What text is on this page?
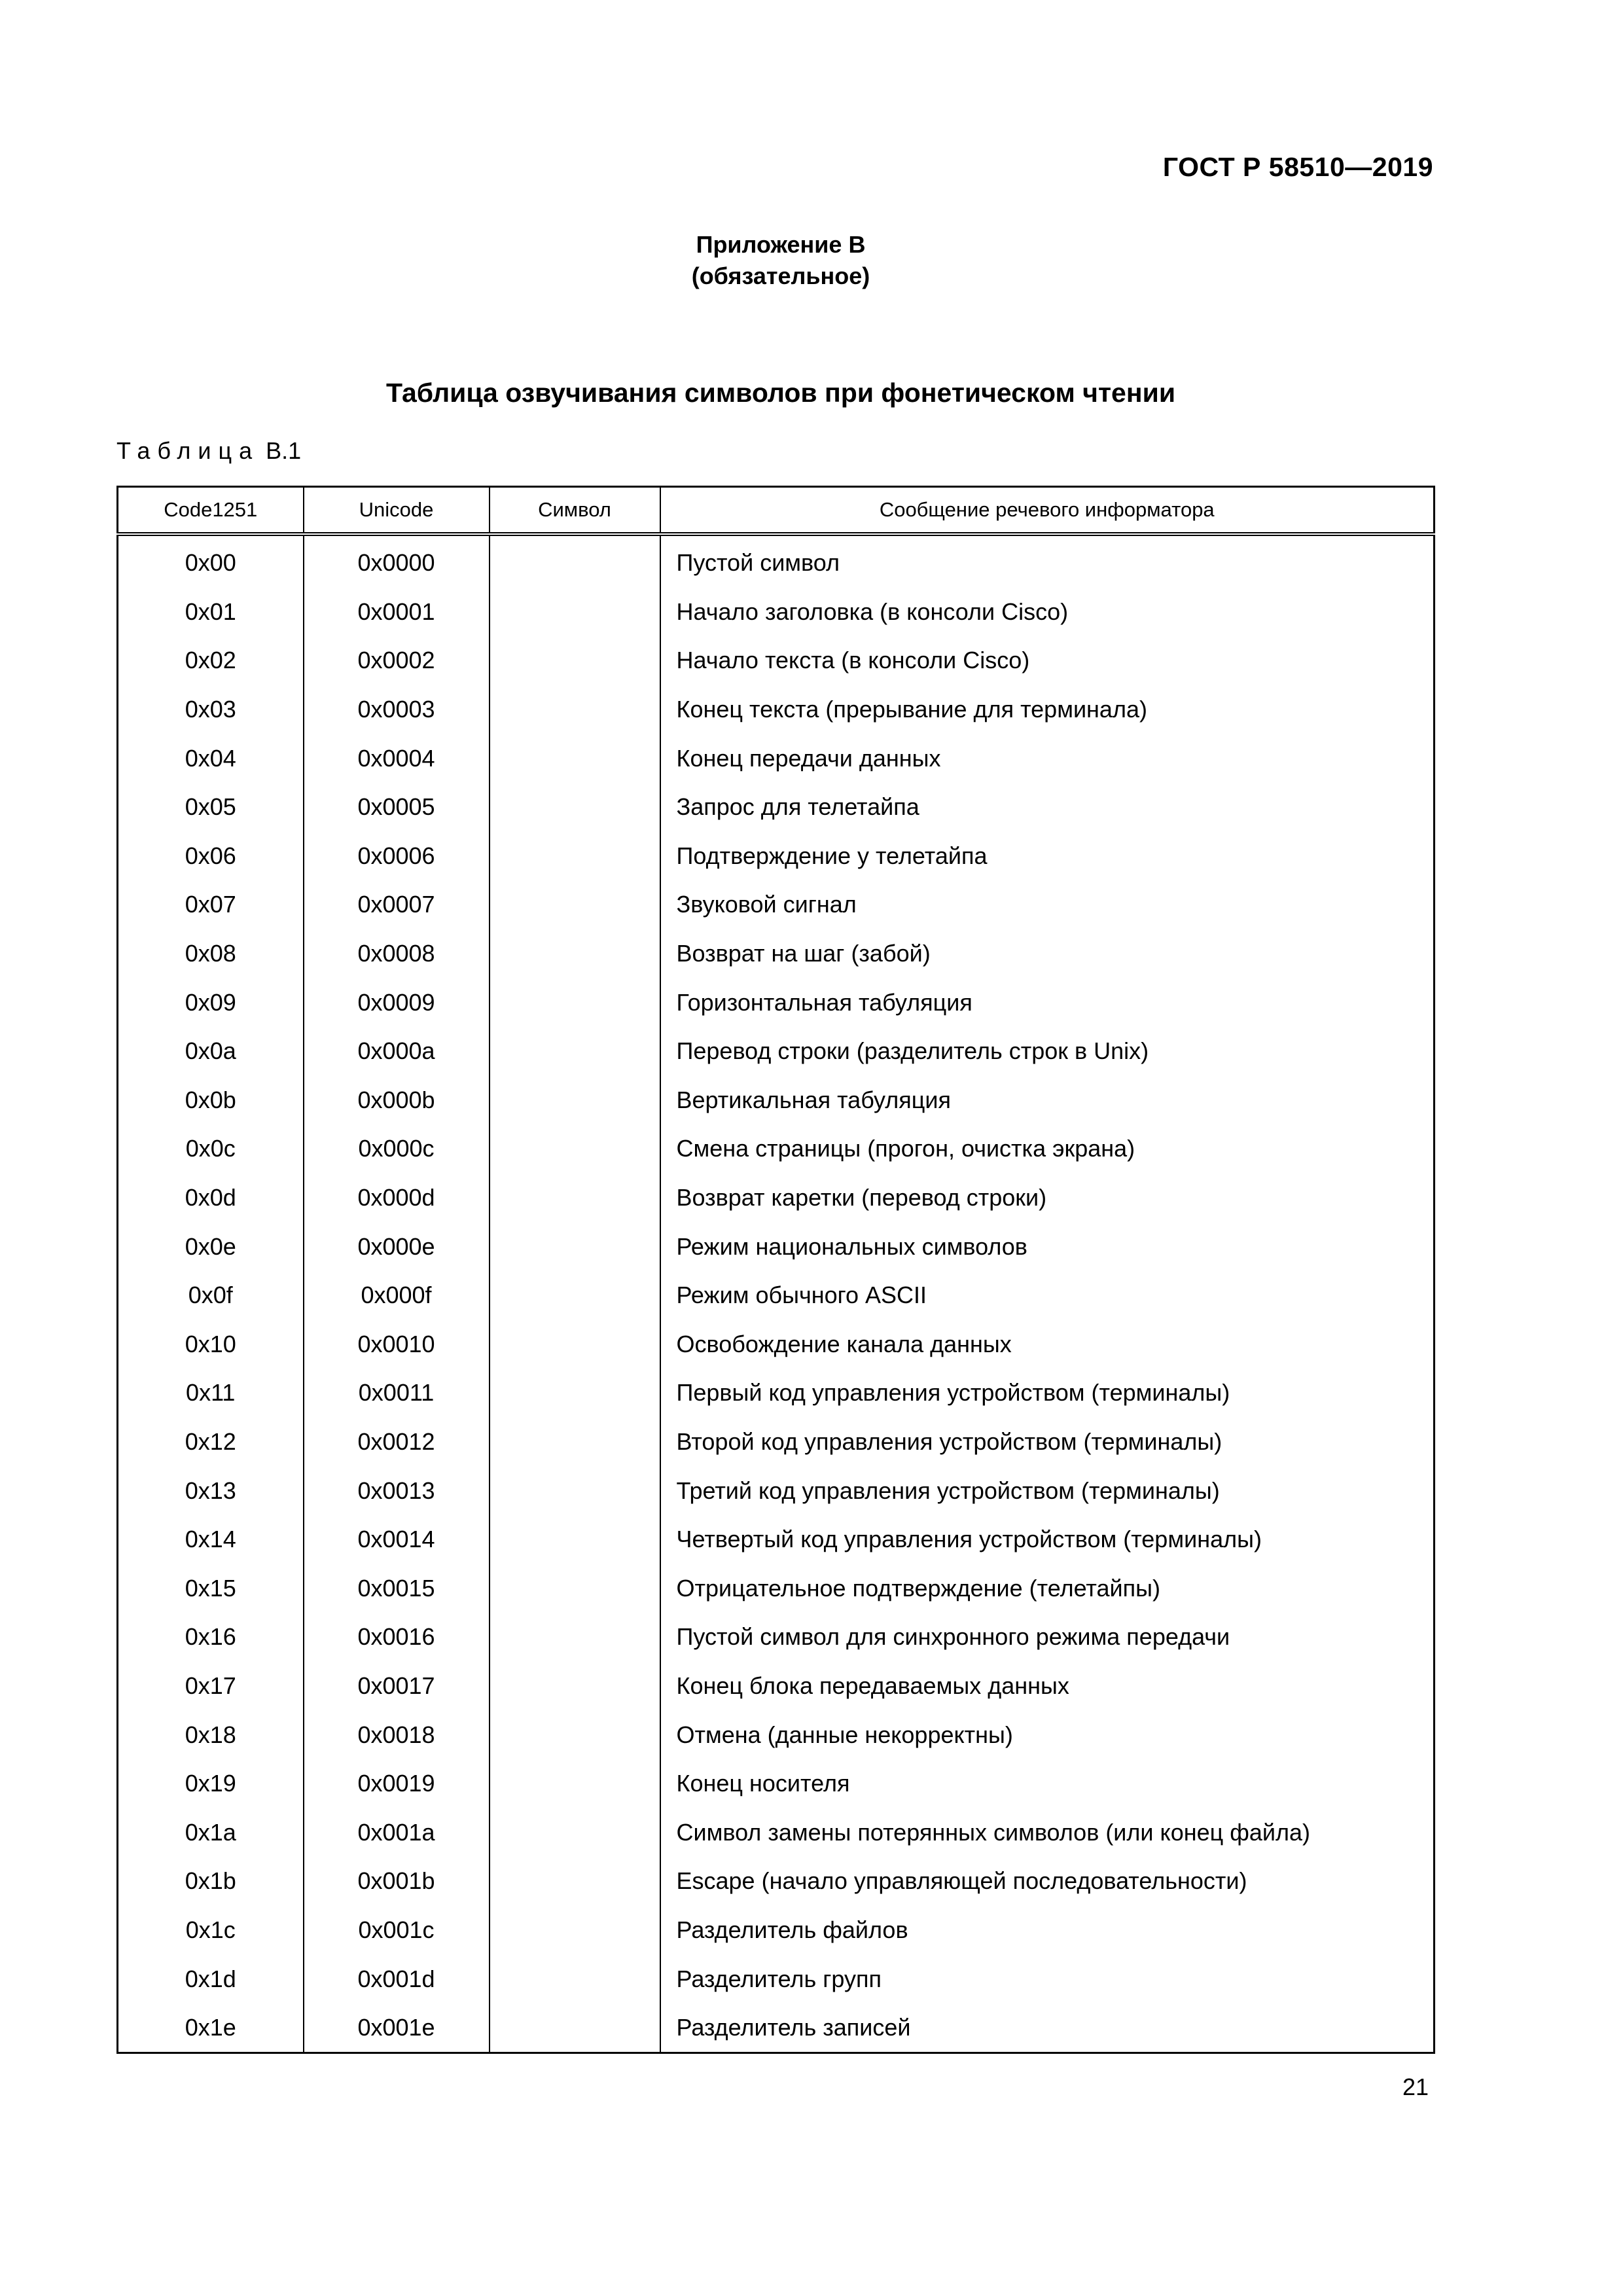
ГОСТ Р 58510—2019
Приложение В
(обязательное)
Таблица озвучивания символов при фонетическом чтении
Таблица В.1
Code1251	Unicode	Символ	Сообщение речевого информатора
0x00	0x0000		Пустой символ
0x01	0x0001		Начало заголовка (в консоли Cisco)
0x02	0x0002		Начало текста (в консоли Cisco)
0x03	0x0003		Конец текста (прерывание для терминала)
0x04	0x0004		Конец передачи данных
0x05	0x0005		Запрос для телетайпа
0x06	0x0006		Подтверждение у телетайпа
0x07	0x0007		Звуковой сигнал
0x08	0x0008		Возврат на шаг (забой)
0x09	0x0009		Горизонтальная табуляция
0x0a	0x000a		Перевод строки (разделитель строк в Unix)
0x0b	0x000b		Вертикальная табуляция
0x0c	0x000c		Смена страницы (прогон, очистка экрана)
0x0d	0x000d		Возврат каретки (перевод строки)
0x0e	0x000e		Режим национальных символов
0x0f	0x000f		Режим обычного ASCII
0x10	0x0010		Освобождение канала данных
0x11	0x0011		Первый код управления устройством (терминалы)
0x12	0x0012		Второй код управления устройством (терминалы)
0x13	0x0013		Третий код управления устройством (терминалы)
0x14	0x0014		Четвертый код управления устройством (терминалы)
0x15	0x0015		Отрицательное подтверждение (телетайпы)
0x16	0x0016		Пустой символ для синхронного режима передачи
0x17	0x0017		Конец блока передаваемых данных
0x18	0x0018		Отмена (данные некорректны)
0x19	0x0019		Конец носителя
0x1a	0x001a		Символ замены потерянных символов (или конец файла)
0x1b	0x001b		Escape (начало управляющей последовательности)
0x1c	0x001c		Разделитель файлов
0x1d	0x001d		Разделитель групп
0x1e	0x001e		Разделитель записей
21
